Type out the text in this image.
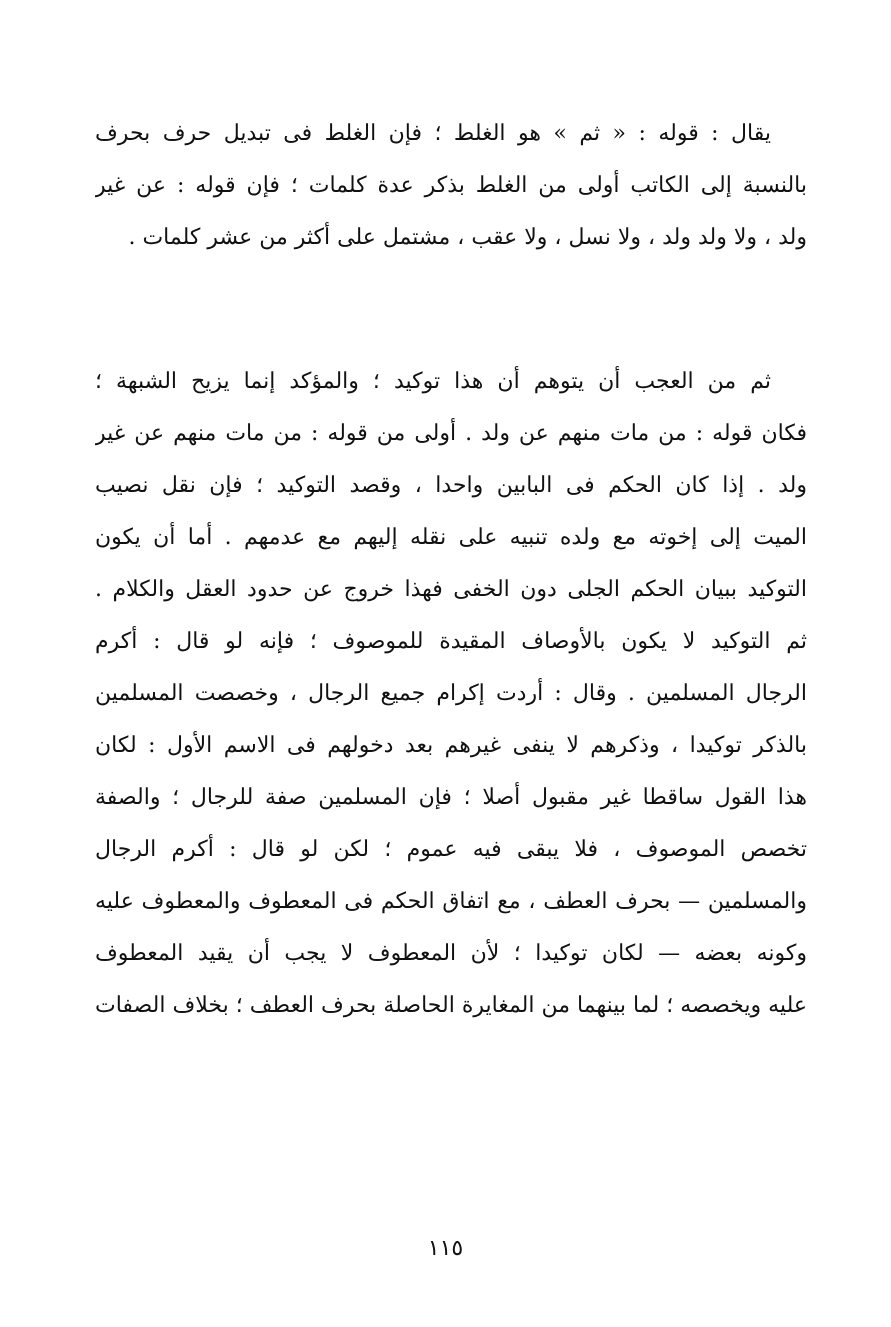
يقال : قوله : « ثم » هو الغلط ؛ فإن الغلط فى تبديل حرف بحرف
بالنسبة إلى الكاتب أولى من الغلط بذكر عدة كلمات ؛ فإن قوله : عن غير
ولد ، ولا ولد ولد ، ولا نسل ، ولا عقب ، مشتمل على أكثر من عشر كلمات .
ثم من العجب أن يتوهم أن هذا توكيد ؛ والمؤكد إنما يزيح الشبهة ؛
فكان قوله : من مات منهم عن ولد . أولى من قوله : من مات منهم عن غير
ولد . إذا كان الحكم فى البابين واحدا ، وقصد التوكيد ؛ فإن نقل نصيب
الميت إلى إخوته مع ولده تنبيه على نقله إليهم مع عدمهم . أما أن يكون
التوكيد ببيان الحكم الجلى دون الخفى فهذا خروج عن حدود العقل والكلام .
ثم التوكيد لا يكون بالأوصاف المقيدة للموصوف ؛ فإنه لو قال : أكرم
الرجال المسلمين . وقال : أردت إكرام جميع الرجال ، وخصصت المسلمين
بالذكر توكيدا ، وذكرهم لا ينفى غيرهم بعد دخولهم فى الاسم الأول : لكان
هذا القول ساقطا غير مقبول أصلا ؛ فإن المسلمين صفة للرجال ؛ والصفة
تخصص الموصوف ، فلا يبقى فيه عموم ؛ لكن لو قال : أكرم الرجال
والمسلمين — بحرف العطف ، مع اتفاق الحكم فى المعطوف والمعطوف عليه
وكونه بعضه — لكان توكيدا ؛ لأن المعطوف لا يجب أن يقيد المعطوف
عليه ويخصصه ؛ لما بينهما من المغايرة الحاصلة بحرف العطف ؛ بخلاف الصفات
١١٥
